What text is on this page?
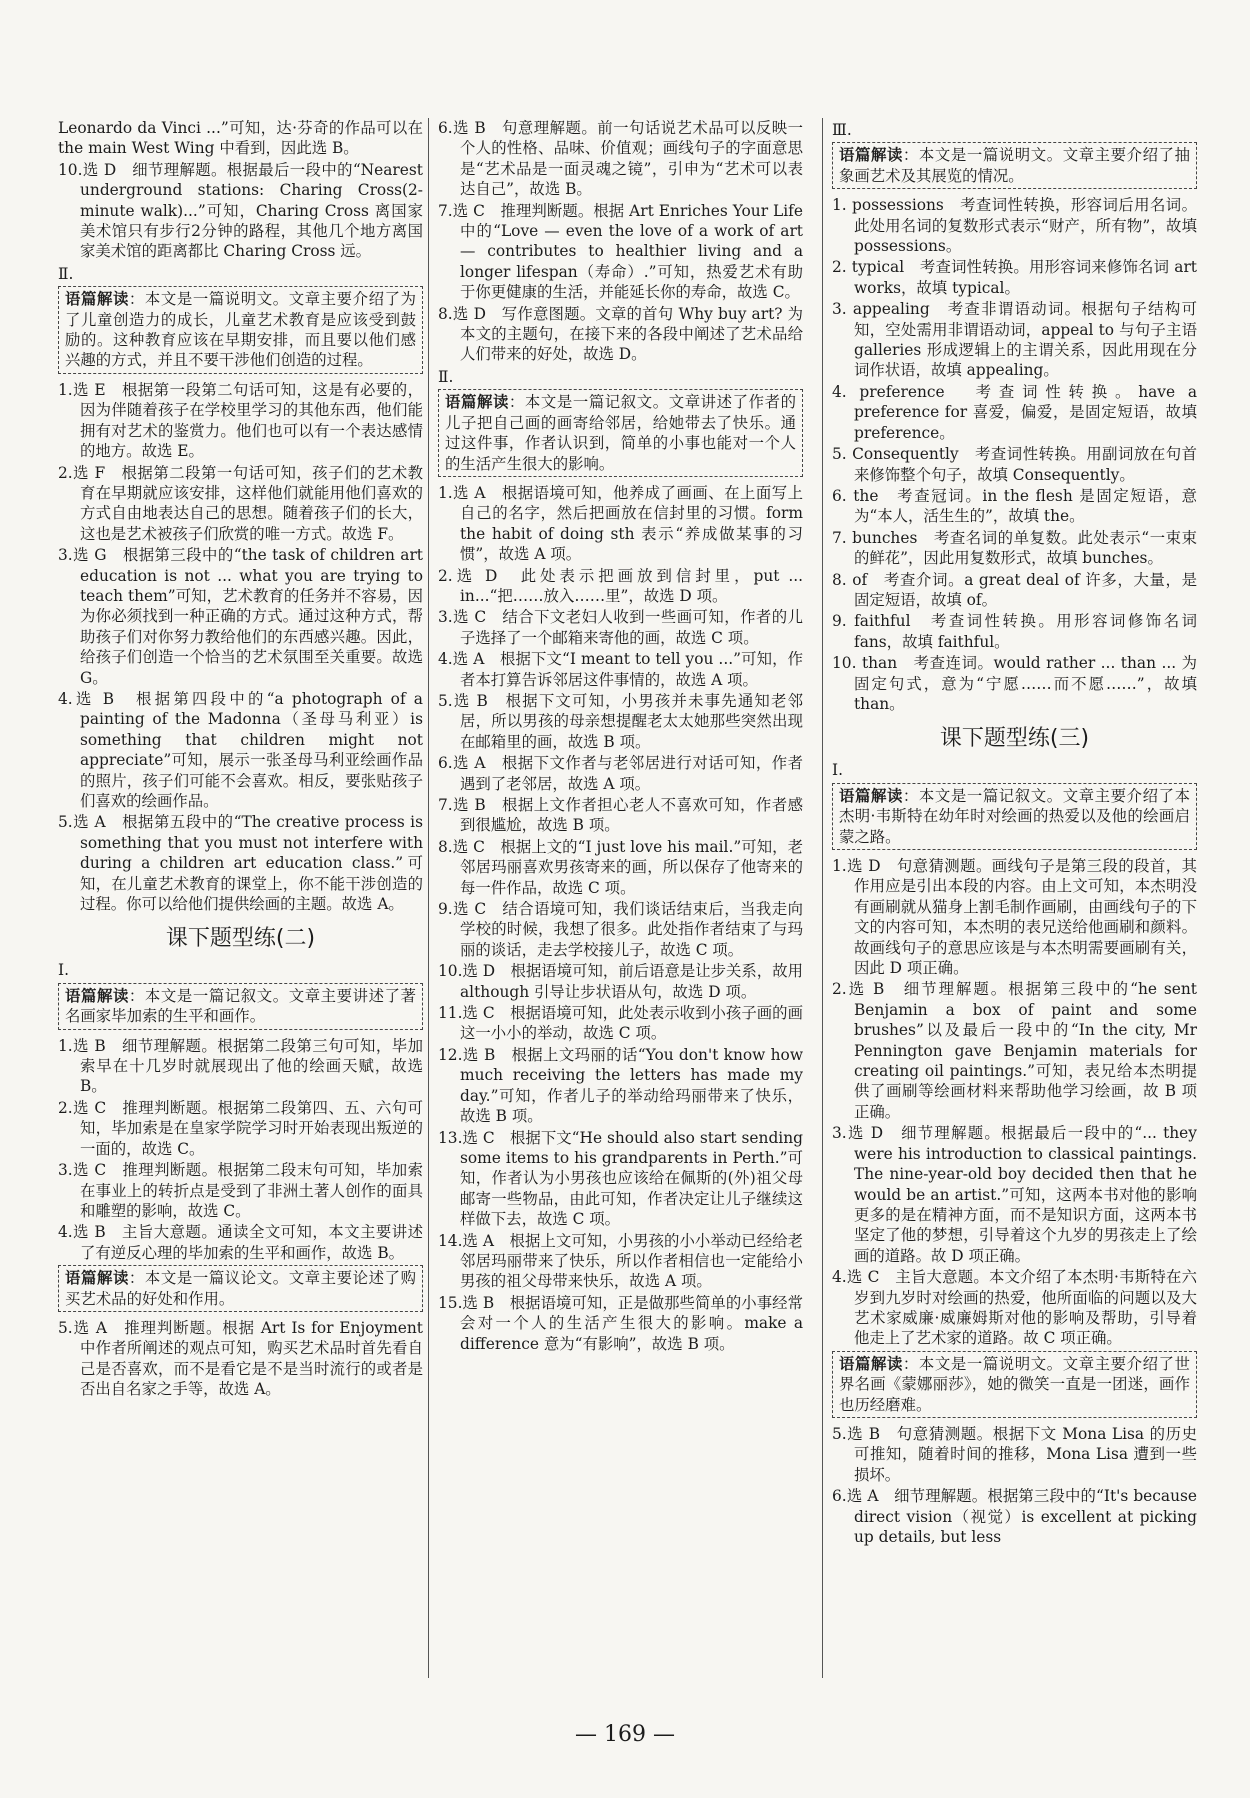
Leonardo da Vinci ...”可知，达·芬奇的作品可以在 the main West Wing 中看到，因此选 B。
10.选 D　细节理解题。根据最后一段中的“Nearest underground stations: Charing Cross(2-minute walk)...”可知，Charing Cross 离国家美术馆只有步行2分钟的路程，其他几个地方离国家美术馆的距离都比 Charing Cross 远。
Ⅱ.
语篇解读：本文是一篇说明文。文章主要介绍了为了儿童创造力的成长，儿童艺术教育是应该受到鼓励的。这种教育应该在早期安排，而且要以他们感兴趣的方式，并且不要干涉他们创造的过程。
1.选 E　根据第一段第二句话可知，这是有必要的，因为伴随着孩子在学校里学习的其他东西，他们能拥有对艺术的鉴赏力。他们也可以有一个表达感情的地方。故选 E。
2.选 F　根据第二段第一句话可知，孩子们的艺术教育在早期就应该安排，这样他们就能用他们喜欢的方式自由地表达自己的思想。随着孩子们的长大，这也是艺术被孩子们欣赏的唯一方式。故选 F。
3.选 G　根据第三段中的“the task of children art education is not ... what you are trying to teach them”可知，艺术教育的任务并不容易，因为你必须找到一种正确的方式。通过这种方式，帮助孩子们对你努力教给他们的东西感兴趣。因此，给孩子们创造一个恰当的艺术氛围至关重要。故选 G。
4.选 B　根据第四段中的“a photograph of a painting of the Madonna（圣母马利亚）is something that children might not appreciate”可知，展示一张圣母马利亚绘画作品的照片，孩子们可能不会喜欢。相反，要张贴孩子们喜欢的绘画作品。
5.选 A　根据第五段中的“The creative process is something that you must not interfere with during a children art education class.”可知，在儿童艺术教育的课堂上，你不能干涉创造的过程。你可以给他们提供绘画的主题。故选 A。
课下题型练(二)
Ⅰ.
语篇解读：本文是一篇记叙文。文章主要讲述了著名画家毕加索的生平和画作。
1.选 B　细节理解题。根据第二段第三句可知，毕加索早在十几岁时就展现出了他的绘画天赋，故选 B。
2.选 C　推理判断题。根据第二段第四、五、六句可知，毕加索是在皇家学院学习时开始表现出叛逆的一面的，故选 C。
3.选 C　推理判断题。根据第二段末句可知，毕加索在事业上的转折点是受到了非洲土著人创作的面具和雕塑的影响，故选 C。
4.选 B　主旨大意题。通读全文可知，本文主要讲述了有逆反心理的毕加索的生平和画作，故选 B。
语篇解读：本文是一篇议论文。文章主要论述了购买艺术品的好处和作用。
5.选 A　推理判断题。根据 Art Is for Enjoyment 中作者所阐述的观点可知，购买艺术品时首先看自己是否喜欢，而不是看它是不是当时流行的或者是否出自名家之手等，故选 A。
6.选 B　句意理解题。前一句话说艺术品可以反映一个人的性格、品味、价值观；画线句子的字面意思是“艺术品是一面灵魂之镜”，引申为“艺术可以表达自己”，故选 B。
7.选 C　推理判断题。根据 Art Enriches Your Life 中的“Love — even the love of a work of art — contributes to healthier living and a longer lifespan（寿命）.”可知，热爱艺术有助于你更健康的生活，并能延长你的寿命，故选 C。
8.选 D　写作意图题。文章的首句 Why buy art? 为本文的主题句，在接下来的各段中阐述了艺术品给人们带来的好处，故选 D。
Ⅱ.
语篇解读：本文是一篇记叙文。文章讲述了作者的儿子把自己画的画寄给邻居，给她带去了快乐。通过这件事，作者认识到，简单的小事也能对一个人的生活产生很大的影响。
1.选 A　根据语境可知，他养成了画画、在上面写上自己的名字，然后把画放在信封里的习惯。form the habit of doing sth 表示“养成做某事的习惯”，故选 A 项。
2.选 D　此处表示把画放到信封里，put ... in...“把……放入……里”，故选 D 项。
3.选 C　结合下文老妇人收到一些画可知，作者的儿子选择了一个邮箱来寄他的画，故选 C 项。
4.选 A　根据下文“I meant to tell you ...”可知，作者本打算告诉邻居这件事情的，故选 A 项。
5.选 B　根据下文可知，小男孩并未事先通知老邻居，所以男孩的母亲想提醒老太太她那些突然出现在邮箱里的画，故选 B 项。
6.选 A　根据下文作者与老邻居进行对话可知，作者遇到了老邻居，故选 A 项。
7.选 B　根据上文作者担心老人不喜欢可知，作者感到很尴尬，故选 B 项。
8.选 C　根据上文的“I just love his mail.”可知，老邻居玛丽喜欢男孩寄来的画，所以保存了他寄来的每一件作品，故选 C 项。
9.选 C　结合语境可知，我们谈话结束后，当我走向学校的时候，我想了很多。此处指作者结束了与玛丽的谈话，走去学校接儿子，故选 C 项。
10.选 D　根据语境可知，前后语意是让步关系，故用 although 引导让步状语从句，故选 D 项。
11.选 C　根据语境可知，此处表示收到小孩子画的画这一小小的举动，故选 C 项。
12.选 B　根据上文玛丽的话“You don't know how much receiving the letters has made my day.”可知，作者儿子的举动给玛丽带来了快乐，故选 B 项。
13.选 C　根据下文“He should also start sending some items to his grandparents in Perth.”可知，作者认为小男孩也应该给在佩斯的(外)祖父母邮寄一些物品，由此可知，作者决定让儿子继续这样做下去，故选 C 项。
14.选 A　根据上文可知，小男孩的小小举动已经给老邻居玛丽带来了快乐，所以作者相信也一定能给小男孩的祖父母带来快乐，故选 A 项。
15.选 B　根据语境可知，正是做那些简单的小事经常会对一个人的生活产生很大的影响。make a difference 意为“有影响”，故选 B 项。
Ⅲ.
语篇解读：本文是一篇说明文。文章主要介绍了抽象画艺术及其展览的情况。
1. possessions　考查词性转换，形容词后用名词。此处用名词的复数形式表示“财产，所有物”，故填 possessions。
2. typical　考查词性转换。用形容词来修饰名词 art works，故填 typical。
3. appealing　考查非谓语动词。根据句子结构可知，空处需用非谓语动词，appeal to 与句子主语 galleries 形成逻辑上的主谓关系，因此用现在分词作状语，故填 appealing。
4. preference　考查词性转换。have a preference for 喜爱，偏爱，是固定短语，故填 preference。
5. Consequently　考查词性转换。用副词放在句首来修饰整个句子，故填 Consequently。
6. the　考查冠词。in the flesh 是固定短语，意为“本人，活生生的”，故填 the。
7. bunches　考查名词的单复数。此处表示“一束束的鲜花”，因此用复数形式，故填 bunches。
8. of　考查介词。a great deal of 许多，大量，是固定短语，故填 of。
9. faithful　考查词性转换。用形容词修饰名词 fans，故填 faithful。
10. than　考查连词。would rather ... than ... 为固定句式，意为“宁愿……而不愿……”，故填 than。
课下题型练(三)
Ⅰ.
语篇解读：本文是一篇记叙文。文章主要介绍了本杰明·韦斯特在幼年时对绘画的热爱以及他的绘画启蒙之路。
1.选 D　句意猜测题。画线句子是第三段的段首，其作用应是引出本段的内容。由上文可知，本杰明没有画刷就从猫身上割毛制作画刷，由画线句子的下文的内容可知，本杰明的表兄送给他画刷和颜料。故画线句子的意思应该是与本杰明需要画刷有关，因此 D 项正确。
2.选 B　细节理解题。根据第三段中的“he sent Benjamin a box of paint and some brushes”以及最后一段中的“In the city, Mr Pennington gave Benjamin materials for creating oil paintings.”可知，表兄给本杰明提供了画刷等绘画材料来帮助他学习绘画，故 B 项正确。
3.选 D　细节理解题。根据最后一段中的“... they were his introduction to classical paintings. The nine-year-old boy decided then that he would be an artist.”可知，这两本书对他的影响更多的是在精神方面，而不是知识方面，这两本书坚定了他的梦想，引导着这个九岁的男孩走上了绘画的道路。故 D 项正确。
4.选 C　主旨大意题。本文介绍了本杰明·韦斯特在六岁到九岁时对绘画的热爱，他所面临的问题以及大艺术家威廉·威廉姆斯对他的影响及帮助，引导着他走上了艺术家的道路。故 C 项正确。
语篇解读：本文是一篇说明文。文章主要介绍了世界名画《蒙娜丽莎》，她的微笑一直是一团迷，画作也历经磨难。
5.选 B　句意猜测题。根据下文 Mona Lisa 的历史可推知，随着时间的推移，Mona Lisa 遭到一些损坏。
6.选 A　细节理解题。根据第三段中的“It's because direct vision（视觉）is excellent at picking up details, but less
— 169 —
